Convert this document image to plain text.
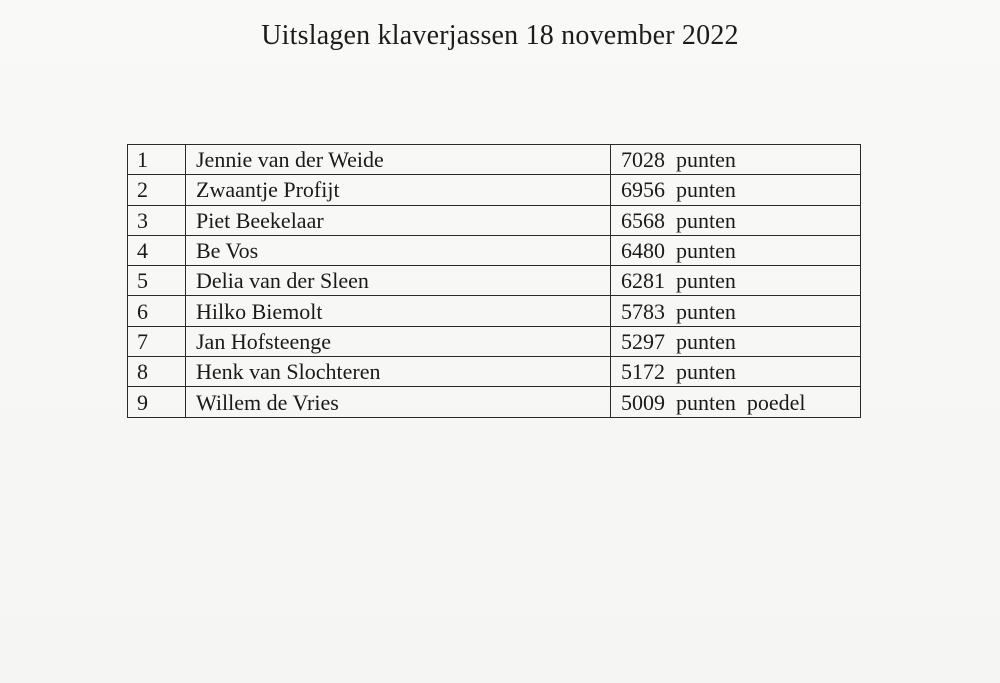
Uitslagen klaverjassen 18 november 2022
1	Jennie van der Weide	7028  punten
2	Zwaantje Profijt	6956  punten
3	Piet Beekelaar	6568  punten
4	Be Vos	6480  punten
5	Delia van der Sleen	6281  punten
6	Hilko Biemolt	5783  punten
7	Jan Hofsteenge	5297  punten
8	Henk van Slochteren	5172  punten
9	Willem de Vries	5009  punten  poedel
